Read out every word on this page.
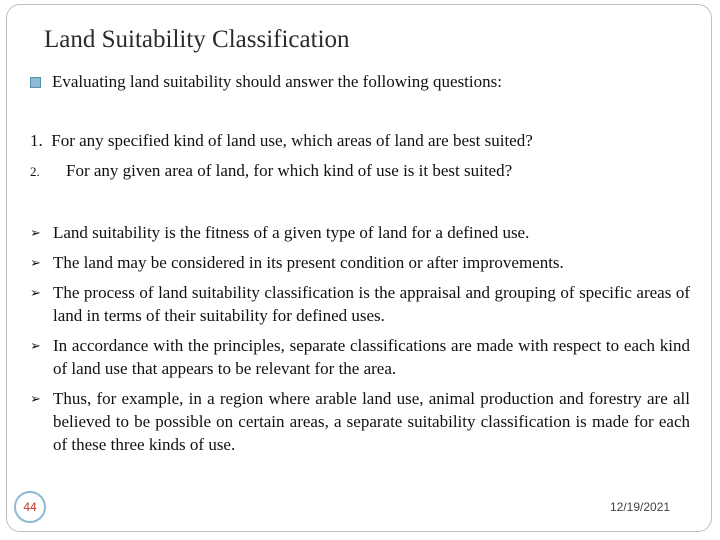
Land Suitability Classification
Evaluating land suitability should answer the following questions:
1. For any specified kind of land use, which areas of land are best suited?
2. For any given area of land, for which kind of use is it best suited?
➢ Land suitability is the fitness of a given type of land for a defined use.
➢ The land may be considered in its present condition or after improvements.
➢ The process of land suitability classification is the appraisal and grouping of specific areas of land in terms of their suitability for defined uses.
➢ In accordance with the principles, separate classifications are made with respect to each kind of land use that appears to be relevant for the area.
➢ Thus, for example, in a region where arable land use, animal production and forestry are all believed to be possible on certain areas, a separate suitability classification is made for each of these three kinds of use.
44	12/19/2021
